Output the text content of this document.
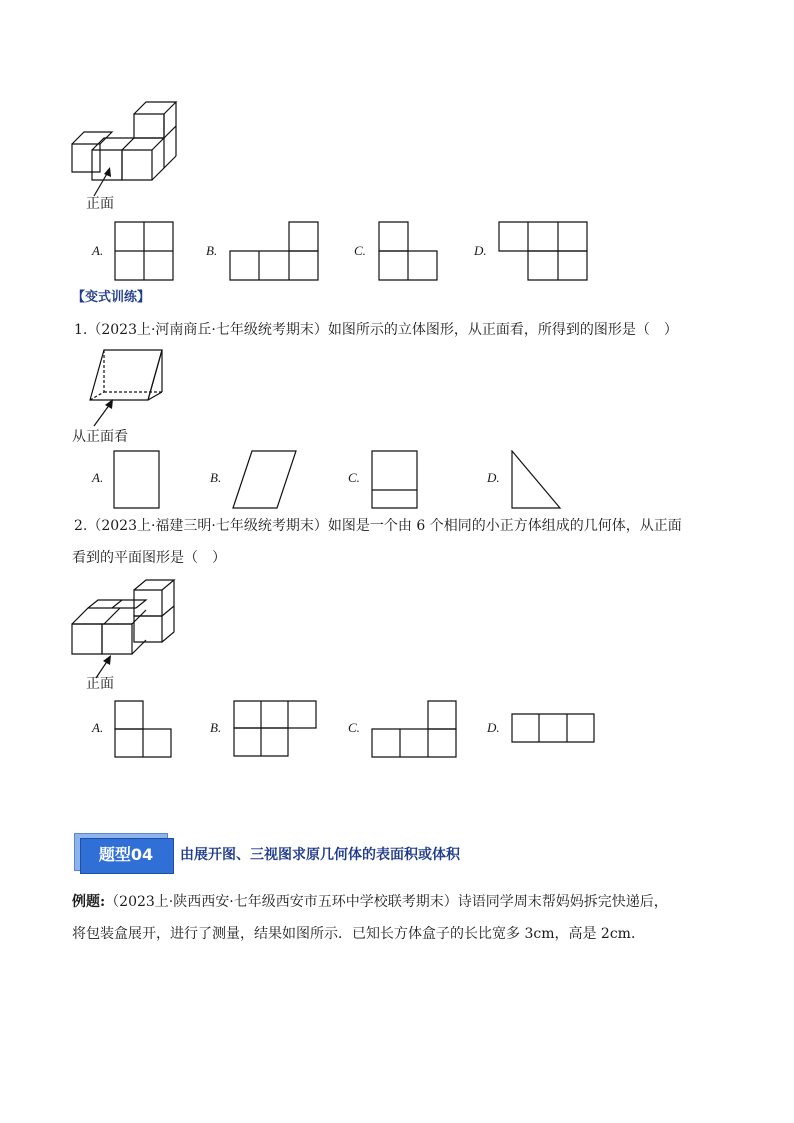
正面
A.	B.	C.	D.
【变式训练】
1.（2023上·河南商丘·七年级统考期末）如图所示的立体图形，从正面看，所得到的图形是（　）
从正面看
A.	B.	C.	D.
2.（2023上·福建三明·七年级统考期末）如图是一个由 6 个相同的小正方体组成的几何体，从正面
看到的平面图形是（　）
正面
A.	B.	C.	D.
题型04	由展开图、三视图求原几何体的表面积或体积
例题:（2023上·陕西西安·七年级西安市五环中学校联考期末）诗语同学周末帮妈妈拆完快递后，
将包装盒展开，进行了测量，结果如图所示．已知长方体盒子的长比宽多 3cm，高是 2cm．
